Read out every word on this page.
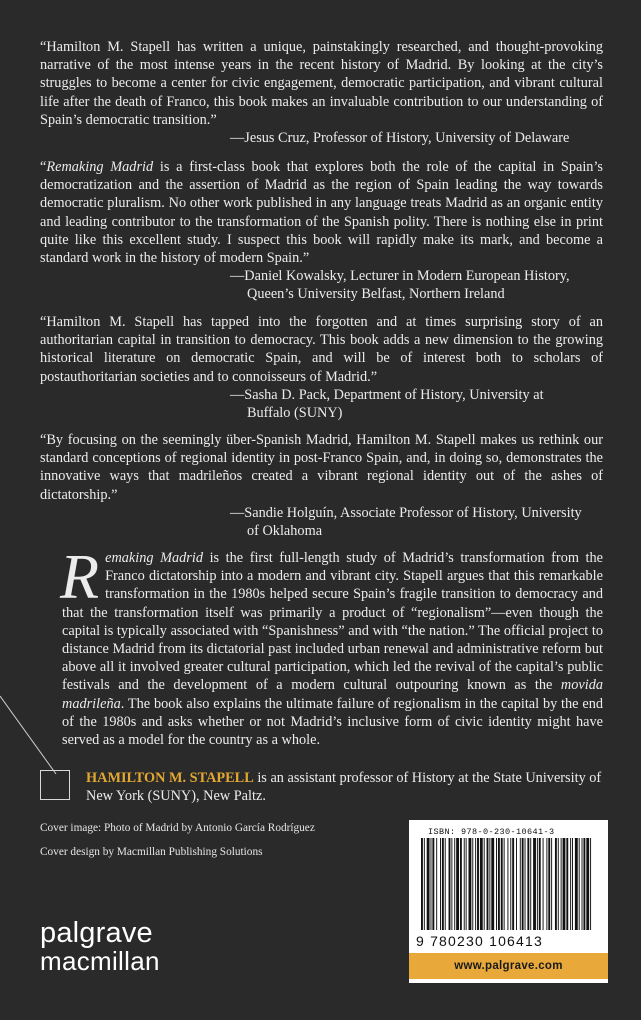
“Hamilton M. Stapell has written a unique, painstakingly researched, and thought-provoking narrative of the most intense years in the recent history of Madrid. By looking at the city’s struggles to become a center for civic engagement, democratic participation, and vibrant cultural life after the death of Franco, this book makes an invaluable contribution to our understanding of Spain’s democratic transition.”

—Jesus Cruz, Professor of History, University of Delaware

“Remaking Madrid is a first-class book that explores both the role of the capital in Spain’s democratization and the assertion of Madrid as the region of Spain leading the way towards democratic pluralism. No other work published in any language treats Madrid as an organic entity and leading contributor to the transformation of the Spanish polity. There is nothing else in print quite like this excellent study. I suspect this book will rapidly make its mark, and become a standard work in the history of modern Spain.”

—Daniel Kowalsky, Lecturer in Modern European History,

Queen’s University Belfast, Northern Ireland

“Hamilton M. Stapell has tapped into the forgotten and at times surprising story of an authoritarian capital in transition to democracy. This book adds a new dimension to the growing historical literature on democratic Spain, and will be of interest both to scholars of postauthoritarian societies and to connoisseurs of Madrid.”

—Sasha D. Pack, Department of History, University at

Buffalo (SUNY)

“By focusing on the seemingly über-Spanish Madrid, Hamilton M. Stapell makes us rethink our standard conceptions of regional identity in post-Franco Spain, and, in doing so, demonstrates the innovative ways that madrileños created a vibrant regional identity out of the ashes of dictatorship.”

—Sandie Holguín, Associate Professor of History, University

of Oklahoma

Remaking Madrid is the first full-length study of Madrid’s transformation from the Franco dictatorship into a modern and vibrant city. Stapell argues that this remarkable transformation in the 1980s helped secure Spain’s fragile transition to democracy and that the transformation itself was primarily a product of “regionalism”—even though the capital is typically associated with “Spanishness” and with “the nation.” The official project to distance Madrid from its dictatorial past included urban renewal and administrative reform but above all it involved greater cultural participation, which led the revival of the capital’s public festivals and the development of a modern cultural outpouring known as the movida madrileña. The book also explains the ultimate failure of regionalism in the capital by the end of the 1980s and asks whether or not Madrid’s inclusive form of civic identity might have served as a model for the country as a whole.

HAMILTON M. STAPELL is an assistant professor of History at the State University of New York (SUNY), New Paltz.
Cover image: Photo of Madrid by Antonio García Rodríguez
Cover design by Macmillan Publishing Solutions
palgrave
macmillan
ISBN: 978-0-230-10641-3
9 780230 106413
www.palgrave.com
